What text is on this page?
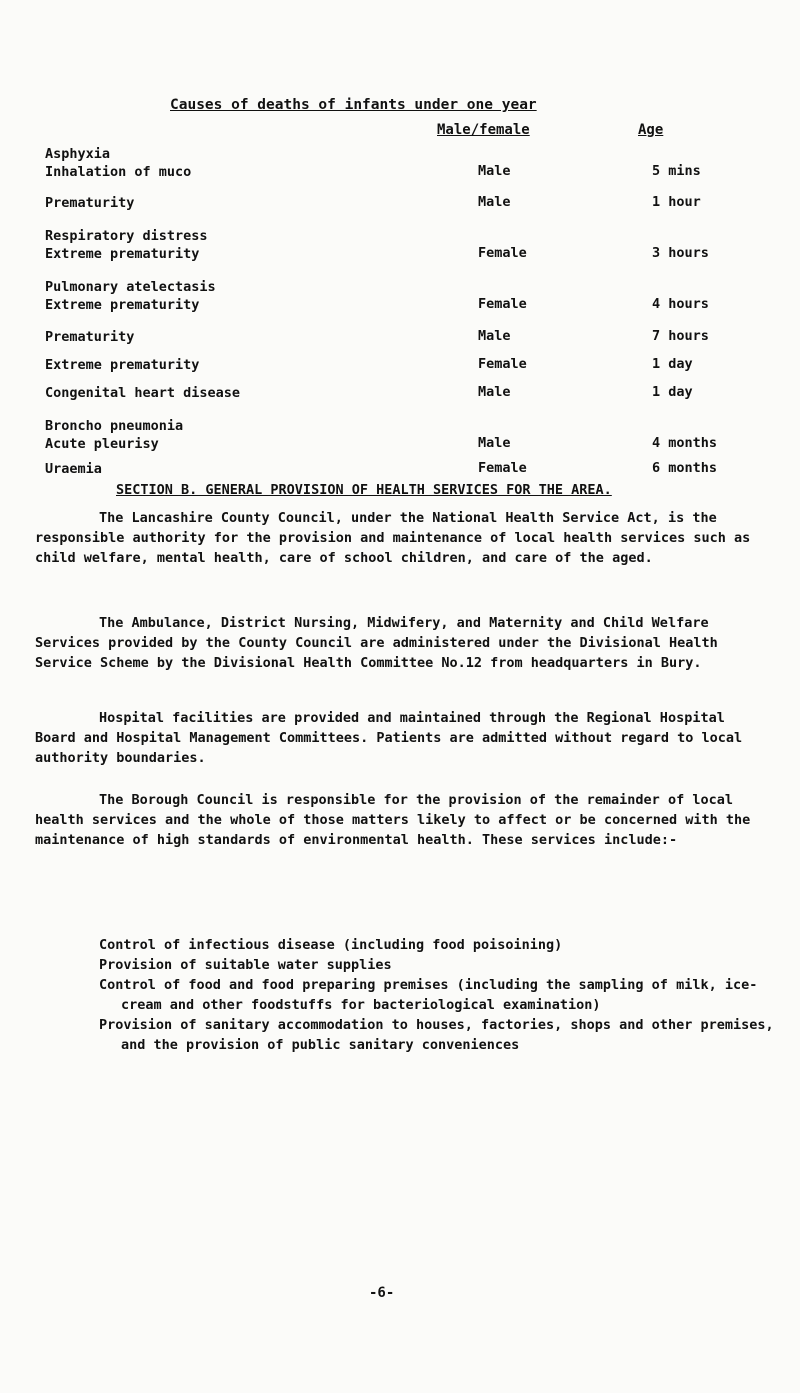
Causes of deaths of infants under one year
Male/female	Age
Asphyxia
Inhalation of muco	Male	5 mins
Prematurity	Male	1 hour
Respiratory distress
Extreme prematurity	Female	3 hours
Pulmonary atelectasis
Extreme prematurity	Female	4 hours
Prematurity	Male	7 hours
Extreme prematurity	Female	1 day
Congenital heart disease	Male	1 day
Broncho pneumonia
Acute pleurisy	Male	4 months
Uraemia	Female	6 months
SECTION B. GENERAL PROVISION OF HEALTH SERVICES FOR THE AREA.

The Lancashire County Council, under the National Health Service Act, is the responsible authority for the provision and maintenance of local health services such as child welfare, mental health, care of school children, and care of the aged.

The Ambulance, District Nursing, Midwifery, and Maternity and Child Welfare Services provided by the County Council are administered under the Divisional Health Service Scheme by the Divisional Health Committee No.12 from headquarters in Bury.

Hospital facilities are provided and maintained through the Regional Hospital Board and Hospital Management Committees. Patients are admitted without regard to local authority boundaries.

The Borough Council is responsible for the provision of the remainder of local health services and the whole of those matters likely to affect or be concerned with the maintenance of high standards of environmental health. These services include:-

Control of infectious disease (including food poisoining)
Provision of suitable water supplies
Control of food and food preparing premises (including the sampling of milk, ice-cream and other foodstuffs for bacteriological examination)
Provision of sanitary accommodation to houses, factories, shops and other premises, and the provision of public sanitary conveniences
-6-
